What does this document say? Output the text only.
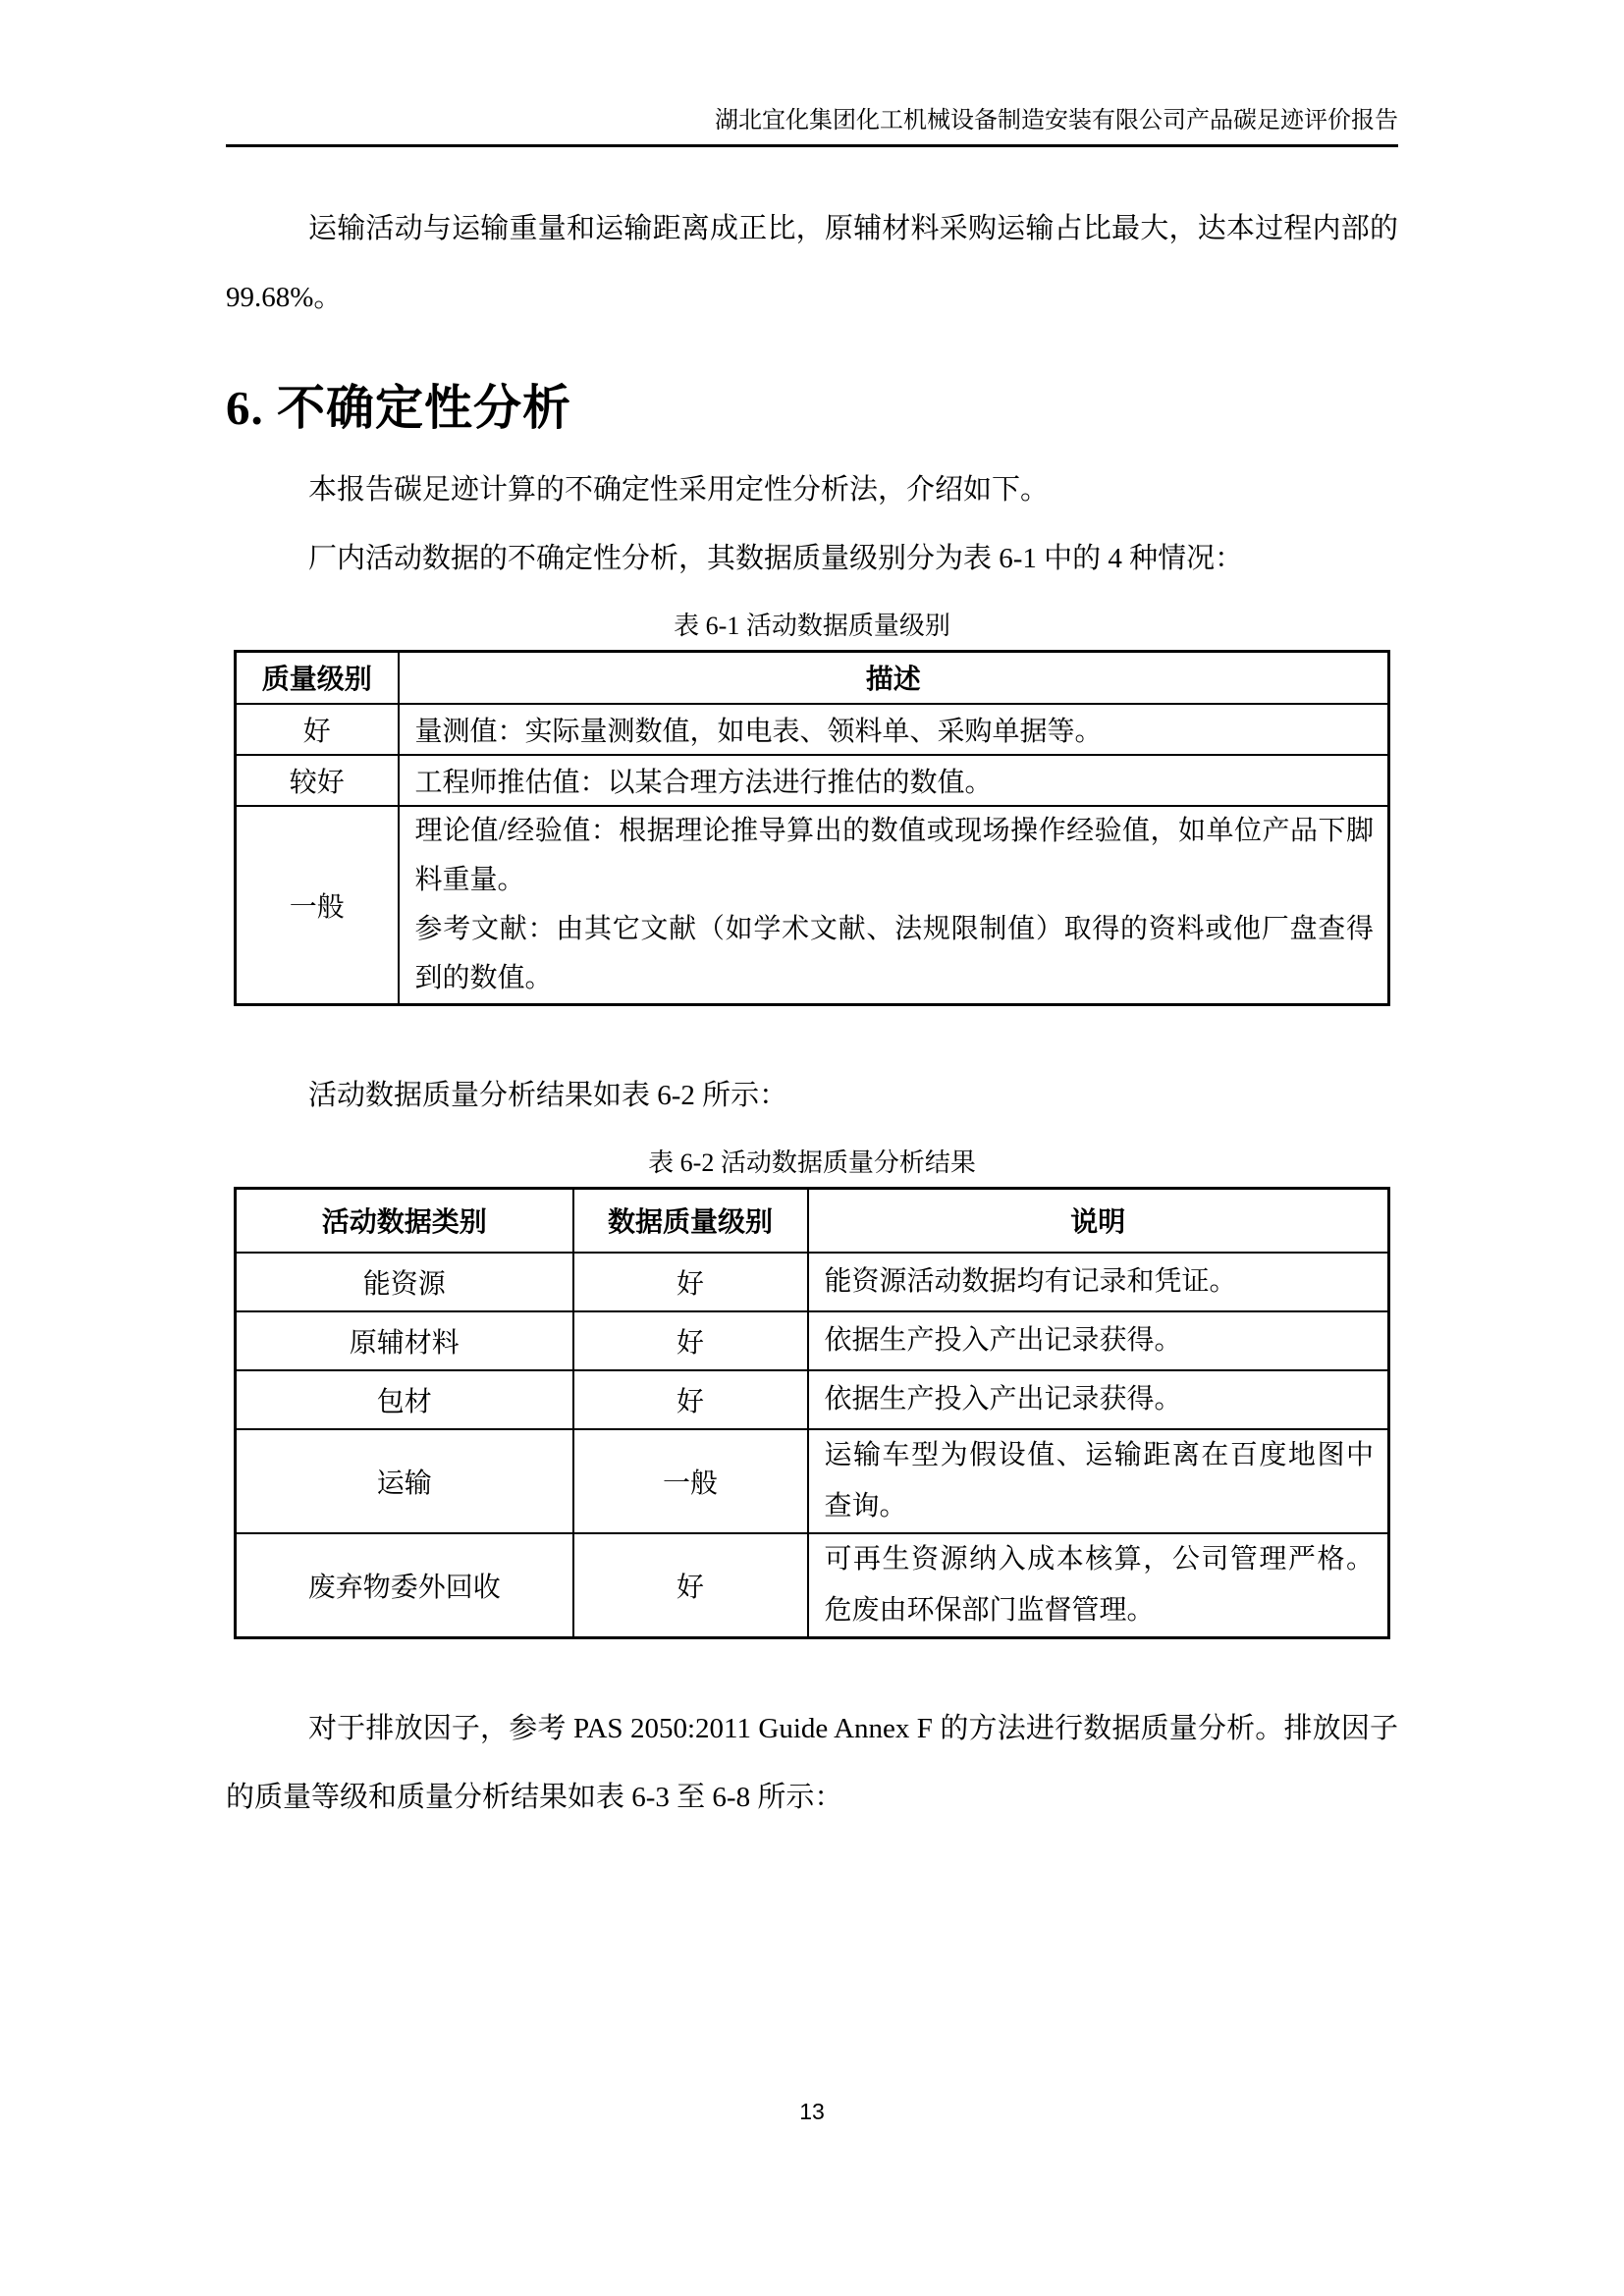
湖北宜化集团化工机械设备制造安装有限公司产品碳足迹评价报告

运输活动与运输重量和运输距离成正比，原辅材料采购运输占比最大，达本过程内部的 99.68%。

6. 不确定性分析

本报告碳足迹计算的不确定性采用定性分析法，介绍如下。

厂内活动数据的不确定性分析，其数据质量级别分为表 6-1 中的 4 种情况：

表 6-1 活动数据质量级别

质量级别	描述
好	量测值：实际量测数值，如电表、领料单、采购单据等。
较好	工程师推估值：以某合理方法进行推估的数值。
一般	理论值/经验值：根据理论推导算出的数值或现场操作经验值，如单位产品下脚料重量。

参考文献：由其它文献（如学术文献、法规限制值）取得的资料或他厂盘查得到的数值。

活动数据质量分析结果如表 6-2 所示：

表 6-2 活动数据质量分析结果

活动数据类别	数据质量级别	说明
能资源	好	能资源活动数据均有记录和凭证。
原辅材料	好	依据生产投入产出记录获得。
包材	好	依据生产投入产出记录获得。
运输	一般	运输车型为假设值、运输距离在百度地图中查询。
废弃物委外回收	好	可再生资源纳入成本核算，公司管理严格。危废由环保部门监督管理。

对于排放因子，参考 PAS 2050:2011 Guide Annex F 的方法进行数据质量分析。排放因子的质量等级和质量分析结果如表 6-3 至 6-8 所示：

13
